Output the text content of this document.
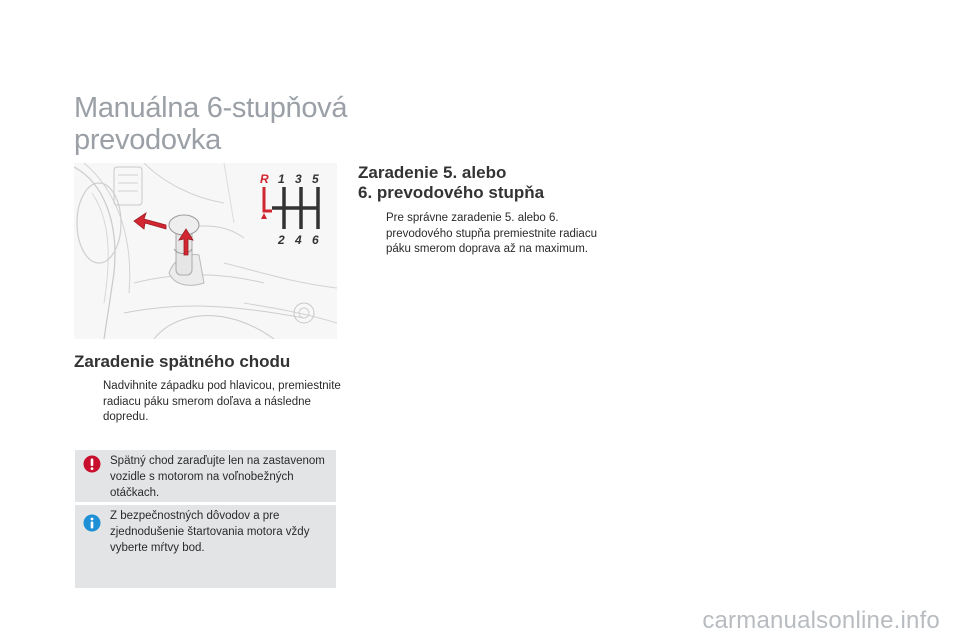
Manuálna 6-stupňová
prevodovka
R 1 3 5
2 4 6
Zaradenie 5. alebo
6. prevodového stupňa
Pre správne zaradenie 5. alebo 6. prevodového stupňa premiestnite radiacu páku smerom doprava až na maximum.
Zaradenie spätného chodu
Nadvihnite západku pod hlavicou, premiestnite radiacu páku smerom doľava a následne dopredu.
Spätný chod zaraďujte len na zastavenom vozidle s motorom na voľnobežných otáčkach.
Z bezpečnostných dôvodov a pre zjednodušenie štartovania motora vždy vyberte mŕtvy bod.
carmanualsonline.info
